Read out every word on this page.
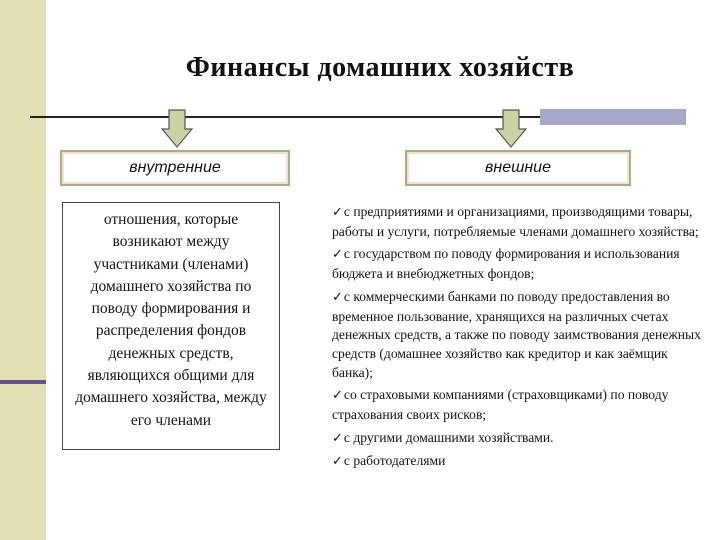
Финансы домашних хозяйств
внутренние	внешние
отношения, которые возникают между участниками (членами) домашнего хозяйства по поводу формирования и распределения фондов денежных средств, являющихся общими для домашнего хозяйства, между его членами
✓с предприятиями и организациями, производящими товары, работы и услуги, потребляемые членами домашнего хозяйства;
✓с государством по поводу формирования и использования бюджета и внебюджетных фондов;
✓с коммерческими банками по поводу предоставления во временное пользование, хранящихся на различных счетах денежных средств, а также по поводу заимствования денежных средств (домашнее хозяйство как кредитор и как заёмщик банка);
✓со страховыми компаниями (страховщиками) по поводу страхования своих рисков;
✓с другими домашними хозяйствами.
✓с работодателями
